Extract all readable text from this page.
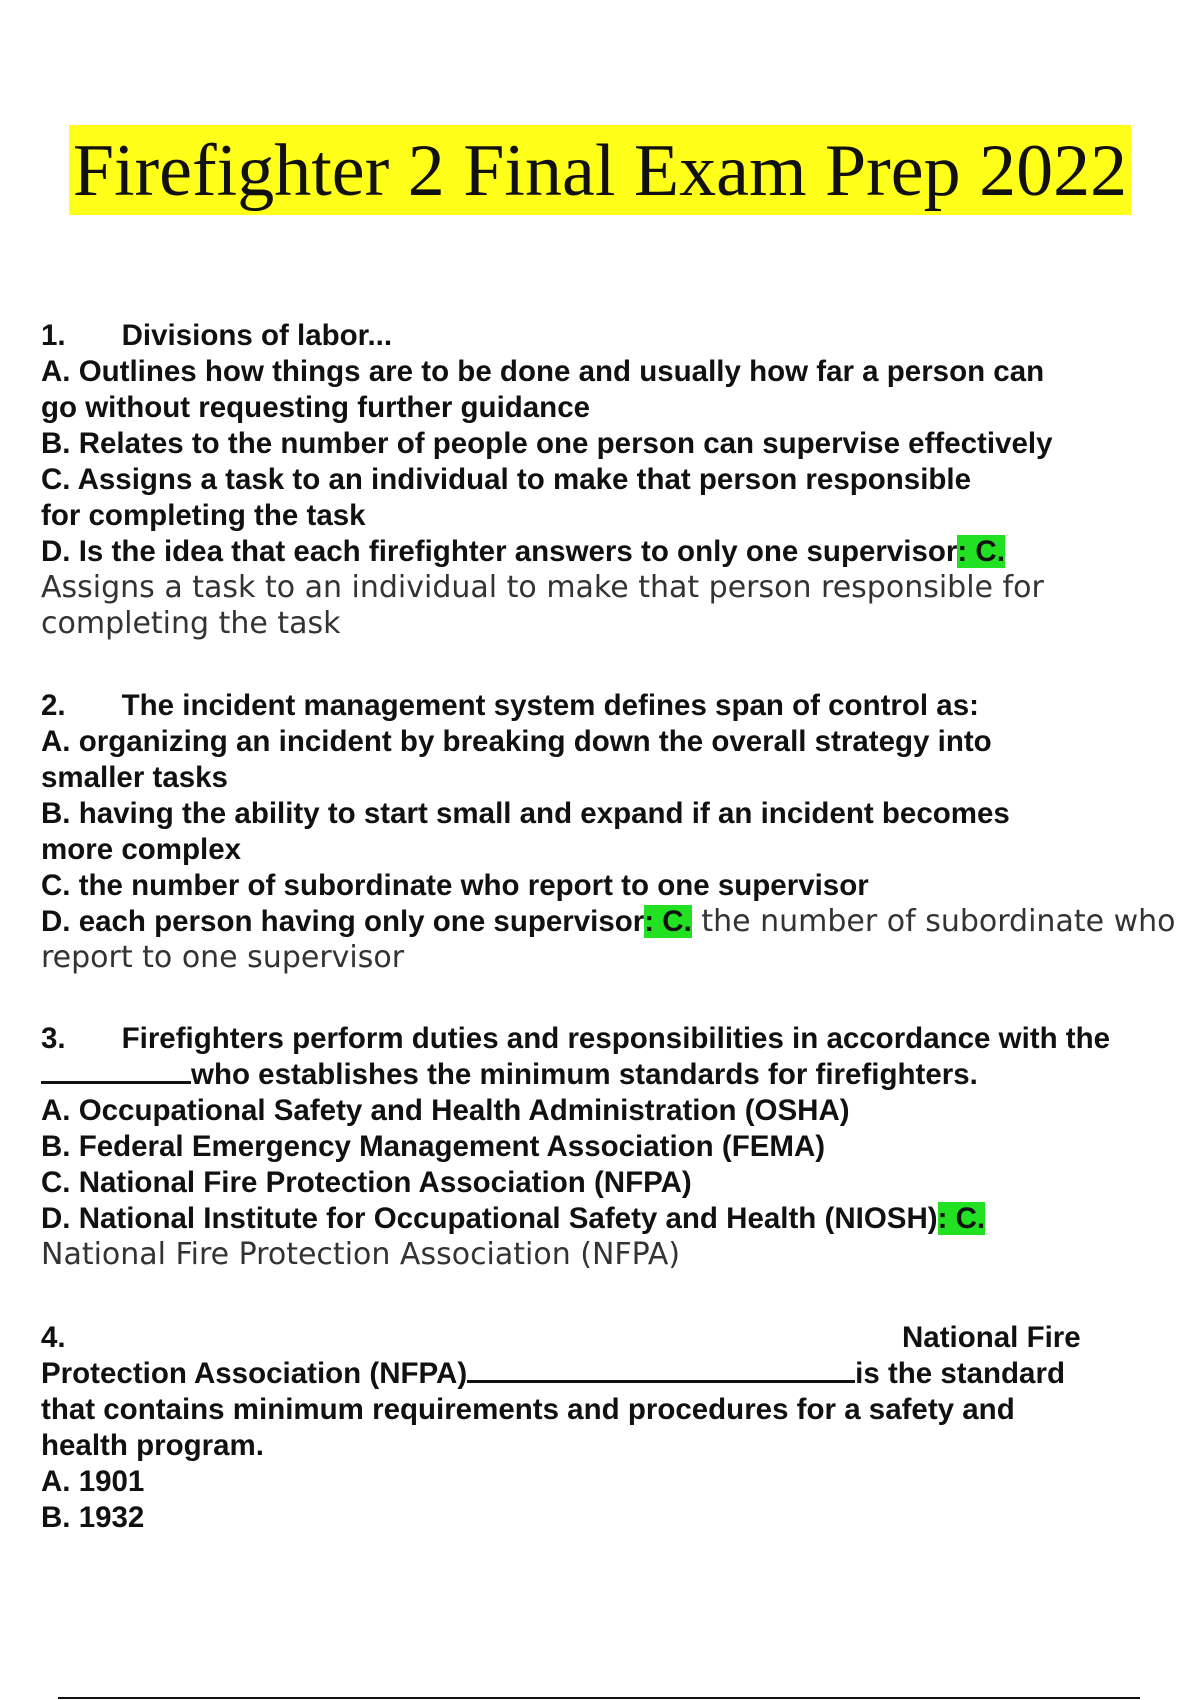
Firefighter 2 Final Exam Prep 2022
1. Divisions of labor...
A. Outlines how things are to be done and usually how far a person can
go without requesting further guidance
B. Relates to the number of people one person can supervise effectively
C. Assigns a task to an individual to make that person responsible
for completing the task
D. Is the idea that each firefighter answers to only one supervisor: C.
Assigns a task to an individual to make that person responsible for completing the task
2. The incident management system defines span of control as:
A. organizing an incident by breaking down the overall strategy into
smaller tasks
B. having the ability to start small and expand if an incident becomes
more complex
C. the number of subordinate who report to one supervisor
D. each person having only one supervisor: C. the number of subordinate who report to one supervisor
3. Firefighters perform duties and responsibilities in accordance with the
who establishes the minimum standards for firefighters.
A. Occupational Safety and Health Administration (OSHA)
B. Federal Emergency Management Association (FEMA)
C. National Fire Protection Association (NFPA)
D. National Institute for Occupational Safety and Health (NIOSH): C.
National Fire Protection Association (NFPA)
4.	National Fire
Protection Association (NFPA)	is the standard
that contains minimum requirements and procedures for a safety and
health program.
A. 1901
B. 1932
